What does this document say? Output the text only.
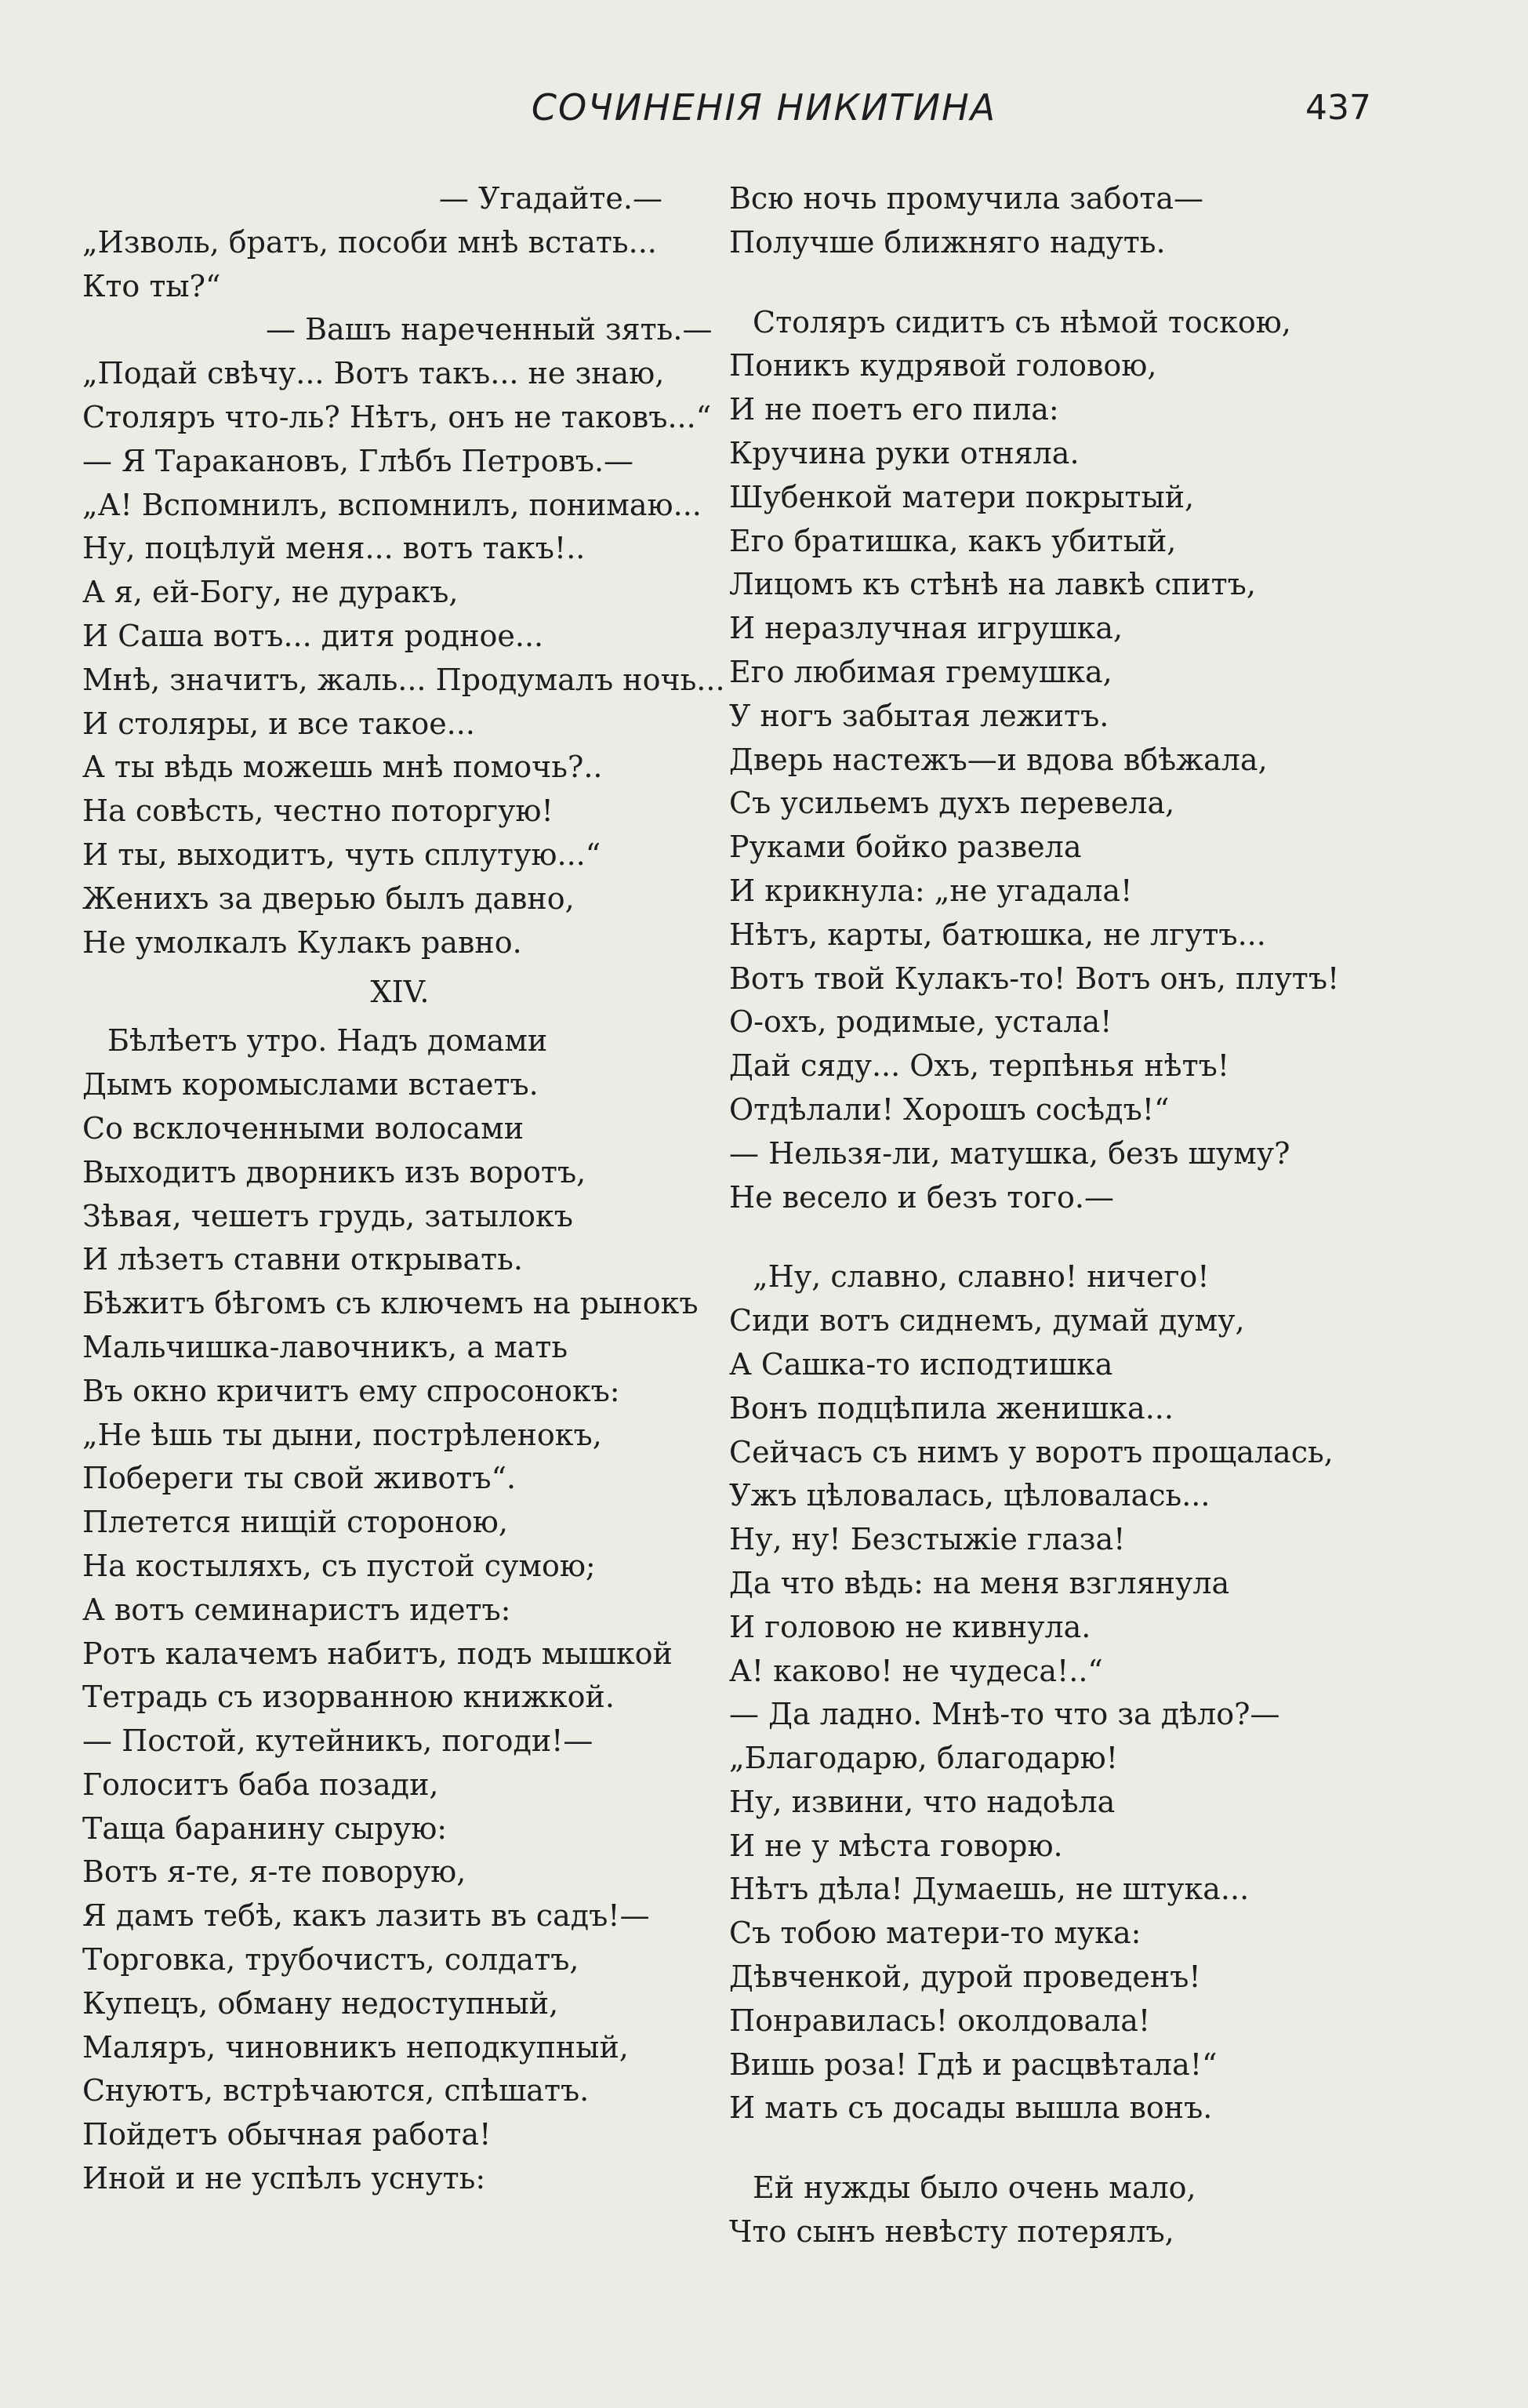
СОЧИНЕНІЯ НИКИТИНА	437
— Угадайте.—
„Изволь, братъ, пособи мнѣ встать...
Кто ты?“
— Вашъ нареченный зять.—
„Подай свѣчу... Вотъ такъ... не знаю,
Столяръ что-ль? Нѣтъ, онъ не таковъ...“
— Я Таракановъ, Глѣбъ Петровъ.—
„А! Вспомнилъ, вспомнилъ, понимаю...
Ну, поцѣлуй меня... вотъ такъ!..
А я, ей-Богу, не дуракъ,
И Саша вотъ... дитя родное...
Мнѣ, значитъ, жаль... Продумалъ ночь...
И столяры, и все такое...
А ты вѣдь можешь мнѣ помочь?..
На совѣсть, честно поторгую!
И ты, выходитъ, чуть сплутую...“
Женихъ за дверью былъ давно,
Не умолкалъ Кулакъ равно.
XIV.
Бѣлѣетъ утро. Надъ домами
Дымъ коромыслами встаетъ.
Со всклоченными волосами
Выходитъ дворникъ изъ воротъ,
Зѣвая, чешетъ грудь, затылокъ
И лѣзетъ ставни открывать.
Бѣжитъ бѣгомъ съ ключемъ на рынокъ
Мальчишка-лавочникъ, а мать
Въ окно кричитъ ему спросонокъ:
„Не ѣшь ты дыни, пострѣленокъ,
Побереги ты свой животъ“.
Плетется нищій стороною,
На костыляхъ, съ пустой сумою;
А вотъ семинаристъ идетъ:
Ротъ калачемъ набитъ, подъ мышкой
Тетрадь съ изорванною книжкой.
— Постой, кутейникъ, погоди!—
Голоситъ баба позади,
Таща баранину сырую:
Вотъ я-те, я-те поворую,
Я дамъ тебѣ, какъ лазить въ садъ!—
Торговка, трубочистъ, солдатъ,
Купецъ, обману недоступный,
Маляръ, чиновникъ неподкупный,
Снуютъ, встрѣчаются, спѣшатъ.
Пойдетъ обычная работа!
Иной и не успѣлъ уснуть:
Всю ночь промучила забота—
Получше ближняго надуть.
Столяръ сидитъ съ нѣмой тоскою,
Поникъ кудрявой головою,
И не поетъ его пила:
Кручина руки отняла.
Шубенкой матери покрытый,
Его братишка, какъ убитый,
Лицомъ къ стѣнѣ на лавкѣ спитъ,
И неразлучная игрушка,
Его любимая гремушка,
У ногъ забытая лежитъ.
Дверь настежъ—и вдова вбѣжала,
Съ усильемъ духъ перевела,
Руками бойко развела
И крикнула: „не угадала!
Нѣтъ, карты, батюшка, не лгутъ...
Вотъ твой Кулакъ-то! Вотъ онъ, плутъ!
О-охъ, родимые, устала!
Дай сяду... Охъ, терпѣнья нѣтъ!
Отдѣлали! Хорошъ сосѣдъ!“
— Нельзя-ли, матушка, безъ шуму?
Не весело и безъ того.—
„Ну, славно, славно! ничего!
Сиди вотъ сиднемъ, думай думу,
А Сашка-то исподтишка
Вонъ подцѣпила женишка...
Сейчасъ съ нимъ у воротъ прощалась,
Ужъ цѣловалась, цѣловалась...
Ну, ну! Безстыжіе глаза!
Да что вѣдь: на меня взглянула
И головою не кивнула.
А! каково! не чудеса!..“
— Да ладно. Мнѣ-то что за дѣло?—
„Благодарю, благодарю!
Ну, извини, что надоѣла
И не у мѣста говорю.
Нѣтъ дѣла! Думаешь, не штука...
Съ тобою матери-то мука:
Дѣвченкой, дурой проведенъ!
Понравилась! околдовала!
Вишь роза! Гдѣ и расцвѣтала!“
И мать съ досады вышла вонъ.
Ей нужды было очень мало,
Что сынъ невѣсту потерялъ,
